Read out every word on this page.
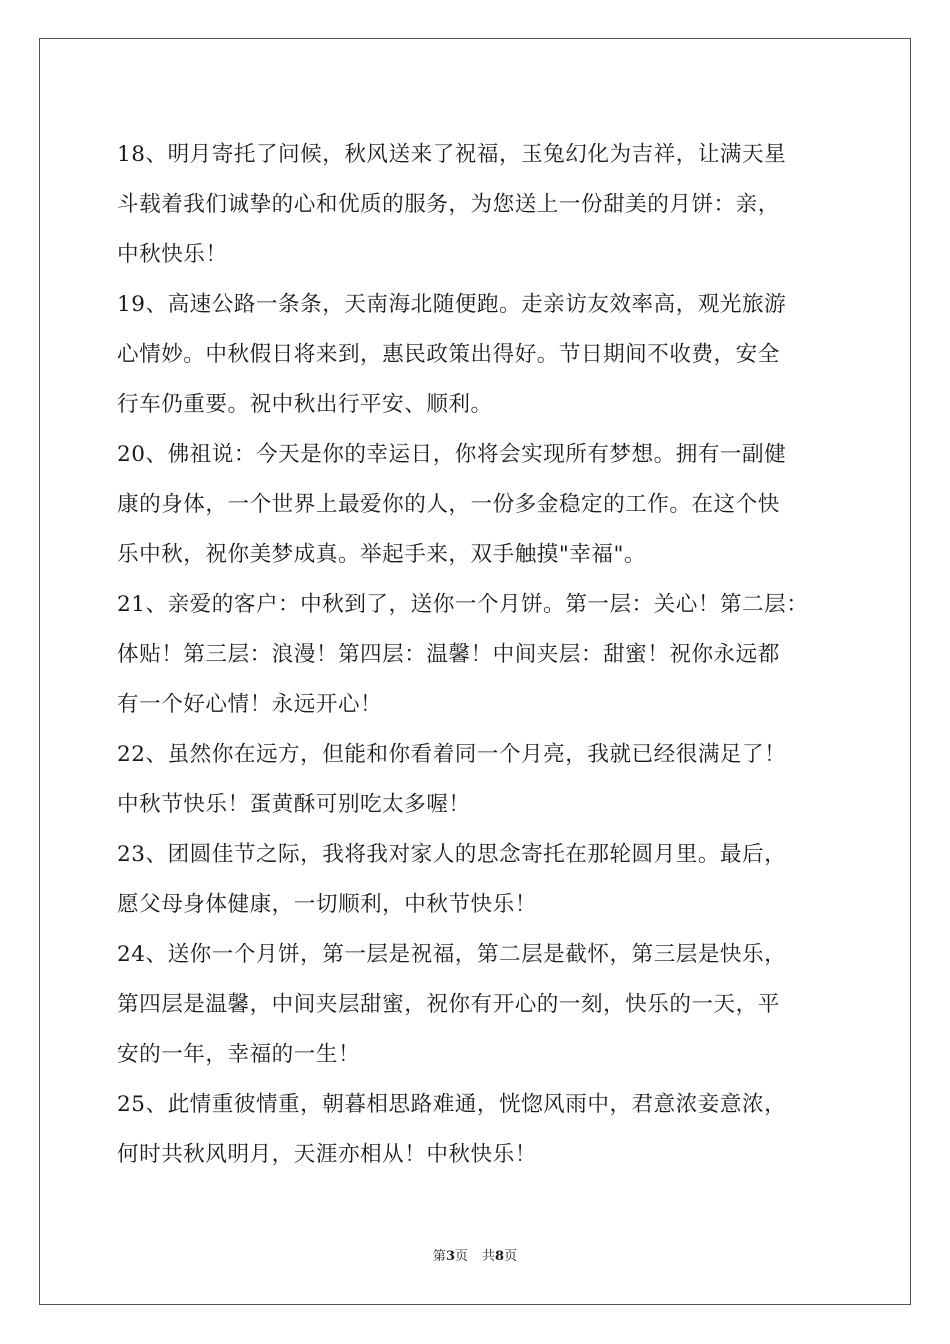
18、明月寄托了问候，秋风送来了祝福，玉兔幻化为吉祥，让满天星
斗载着我们诚挚的心和优质的服务，为您送上一份甜美的月饼：亲，
中秋快乐！

19、高速公路一条条，天南海北随便跑。走亲访友效率高，观光旅游
心情妙。中秋假日将来到，惠民政策出得好。节日期间不收费，安全
行车仍重要。祝中秋出行平安、顺利。

20、佛祖说：今天是你的幸运日，你将会实现所有梦想。拥有一副健
康的身体，一个世界上最爱你的人，一份多金稳定的工作。在这个快
乐中秋，祝你美梦成真。举起手来，双手触摸"幸福"。

21、亲爱的客户：中秋到了，送你一个月饼。第一层：关心！第二层：
体贴！第三层：浪漫！第四层：温馨！中间夹层：甜蜜！祝你永远都
有一个好心情！永远开心！

22、虽然你在远方，但能和你看着同一个月亮，我就已经很满足了！
中秋节快乐！蛋黄酥可别吃太多喔！

23、团圆佳节之际，我将我对家人的思念寄托在那轮圆月里。最后，
愿父母身体健康，一切顺利，中秋节快乐！

24、送你一个月饼，第一层是祝福，第二层是截怀，第三层是快乐，
第四层是温馨，中间夹层甜蜜，祝你有开心的一刻，快乐的一天，平
安的一年，幸福的一生！

25、此情重彼情重，朝暮相思路难通，恍惚风雨中，君意浓妾意浓，
何时共秋风明月，天涯亦相从！中秋快乐！

第3页 共8页
